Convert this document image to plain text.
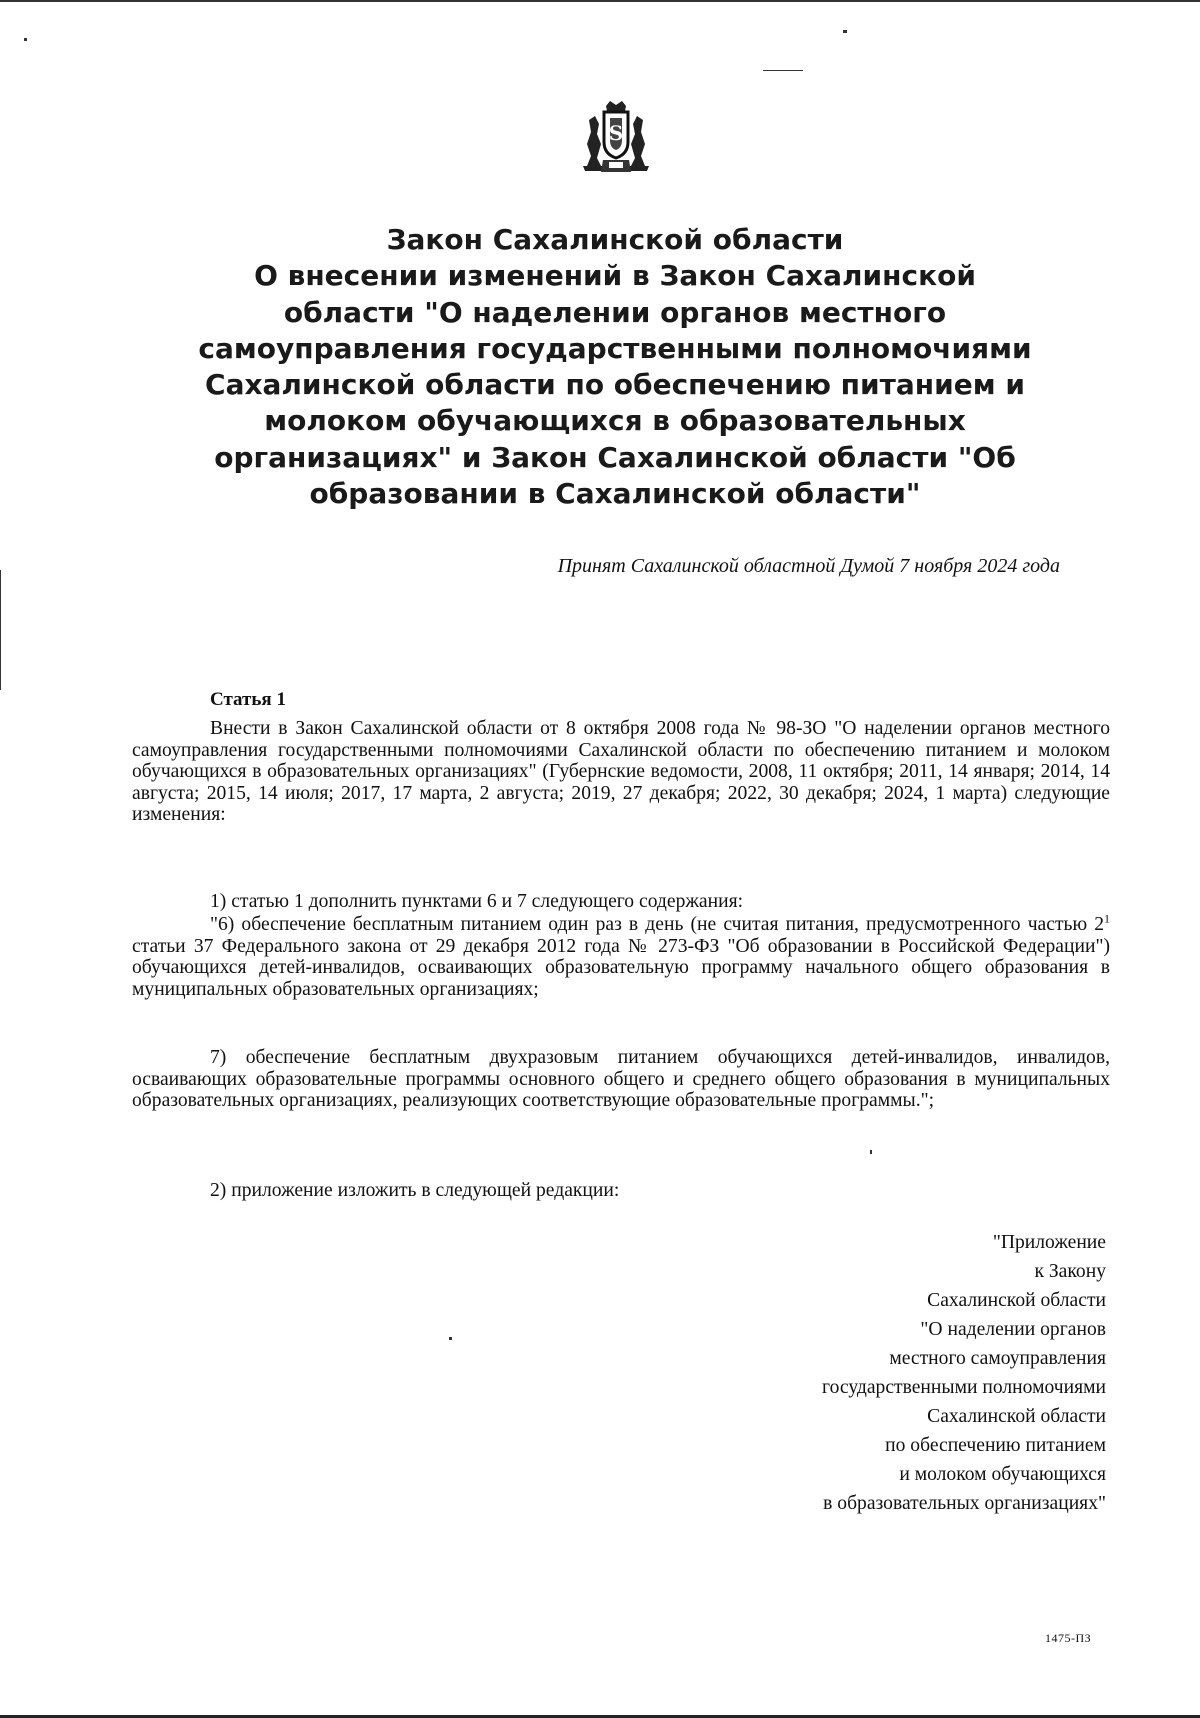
S
Закон Сахалинской области
О внесении изменений в Закон Сахалинской
области "О наделении органов местного
самоуправления государственными полномочиями
Сахалинской области по обеспечению питанием и
молоком обучающихся в образовательных
организациях" и Закон Сахалинской области "Об
образовании в Сахалинской области"
Принят Сахалинской областной Думой 7 ноября 2024 года
Статья 1
Внести в Закон Сахалинской области от 8 октября 2008 года № 98-ЗО "О наделении органов местного самоуправления государственными полномочиями Сахалинской области по обеспечению питанием и молоком обучающихся в образовательных организациях" (Губернские ведомости, 2008, 11 октября; 2011, 14 января; 2014, 14 августа; 2015, 14 июля; 2017, 17 марта, 2 августа; 2019, 27 декабря; 2022, 30 декабря; 2024, 1 марта) следующие изменения:
1) статью 1 дополнить пунктами 6 и 7 следующего содержания:
"6) обеспечение бесплатным питанием один раз в день (не считая питания, предусмотренного частью $2^1$ статьи 37 Федерального закона от 29 декабря 2012 года № 273-ФЗ "Об образовании в Российской Федерации") обучающихся детей-инвалидов, осваивающих образовательную программу начального общего образования в муниципальных образовательных организациях;
7) обеспечение бесплатным двухразовым питанием обучающихся детей-инвалидов, инвалидов, осваивающих образовательные программы основного общего и среднего общего образования в муниципальных образовательных организациях, реализующих соответствующие образовательные программы.";
2) приложение изложить в следующей редакции:
"Приложение
к Закону
Сахалинской области
"О наделении органов
местного самоуправления
государственными полномочиями
Сахалинской области
по обеспечению питанием
и молоком обучающихся
в образовательных организациях"
1475-ПЗ
